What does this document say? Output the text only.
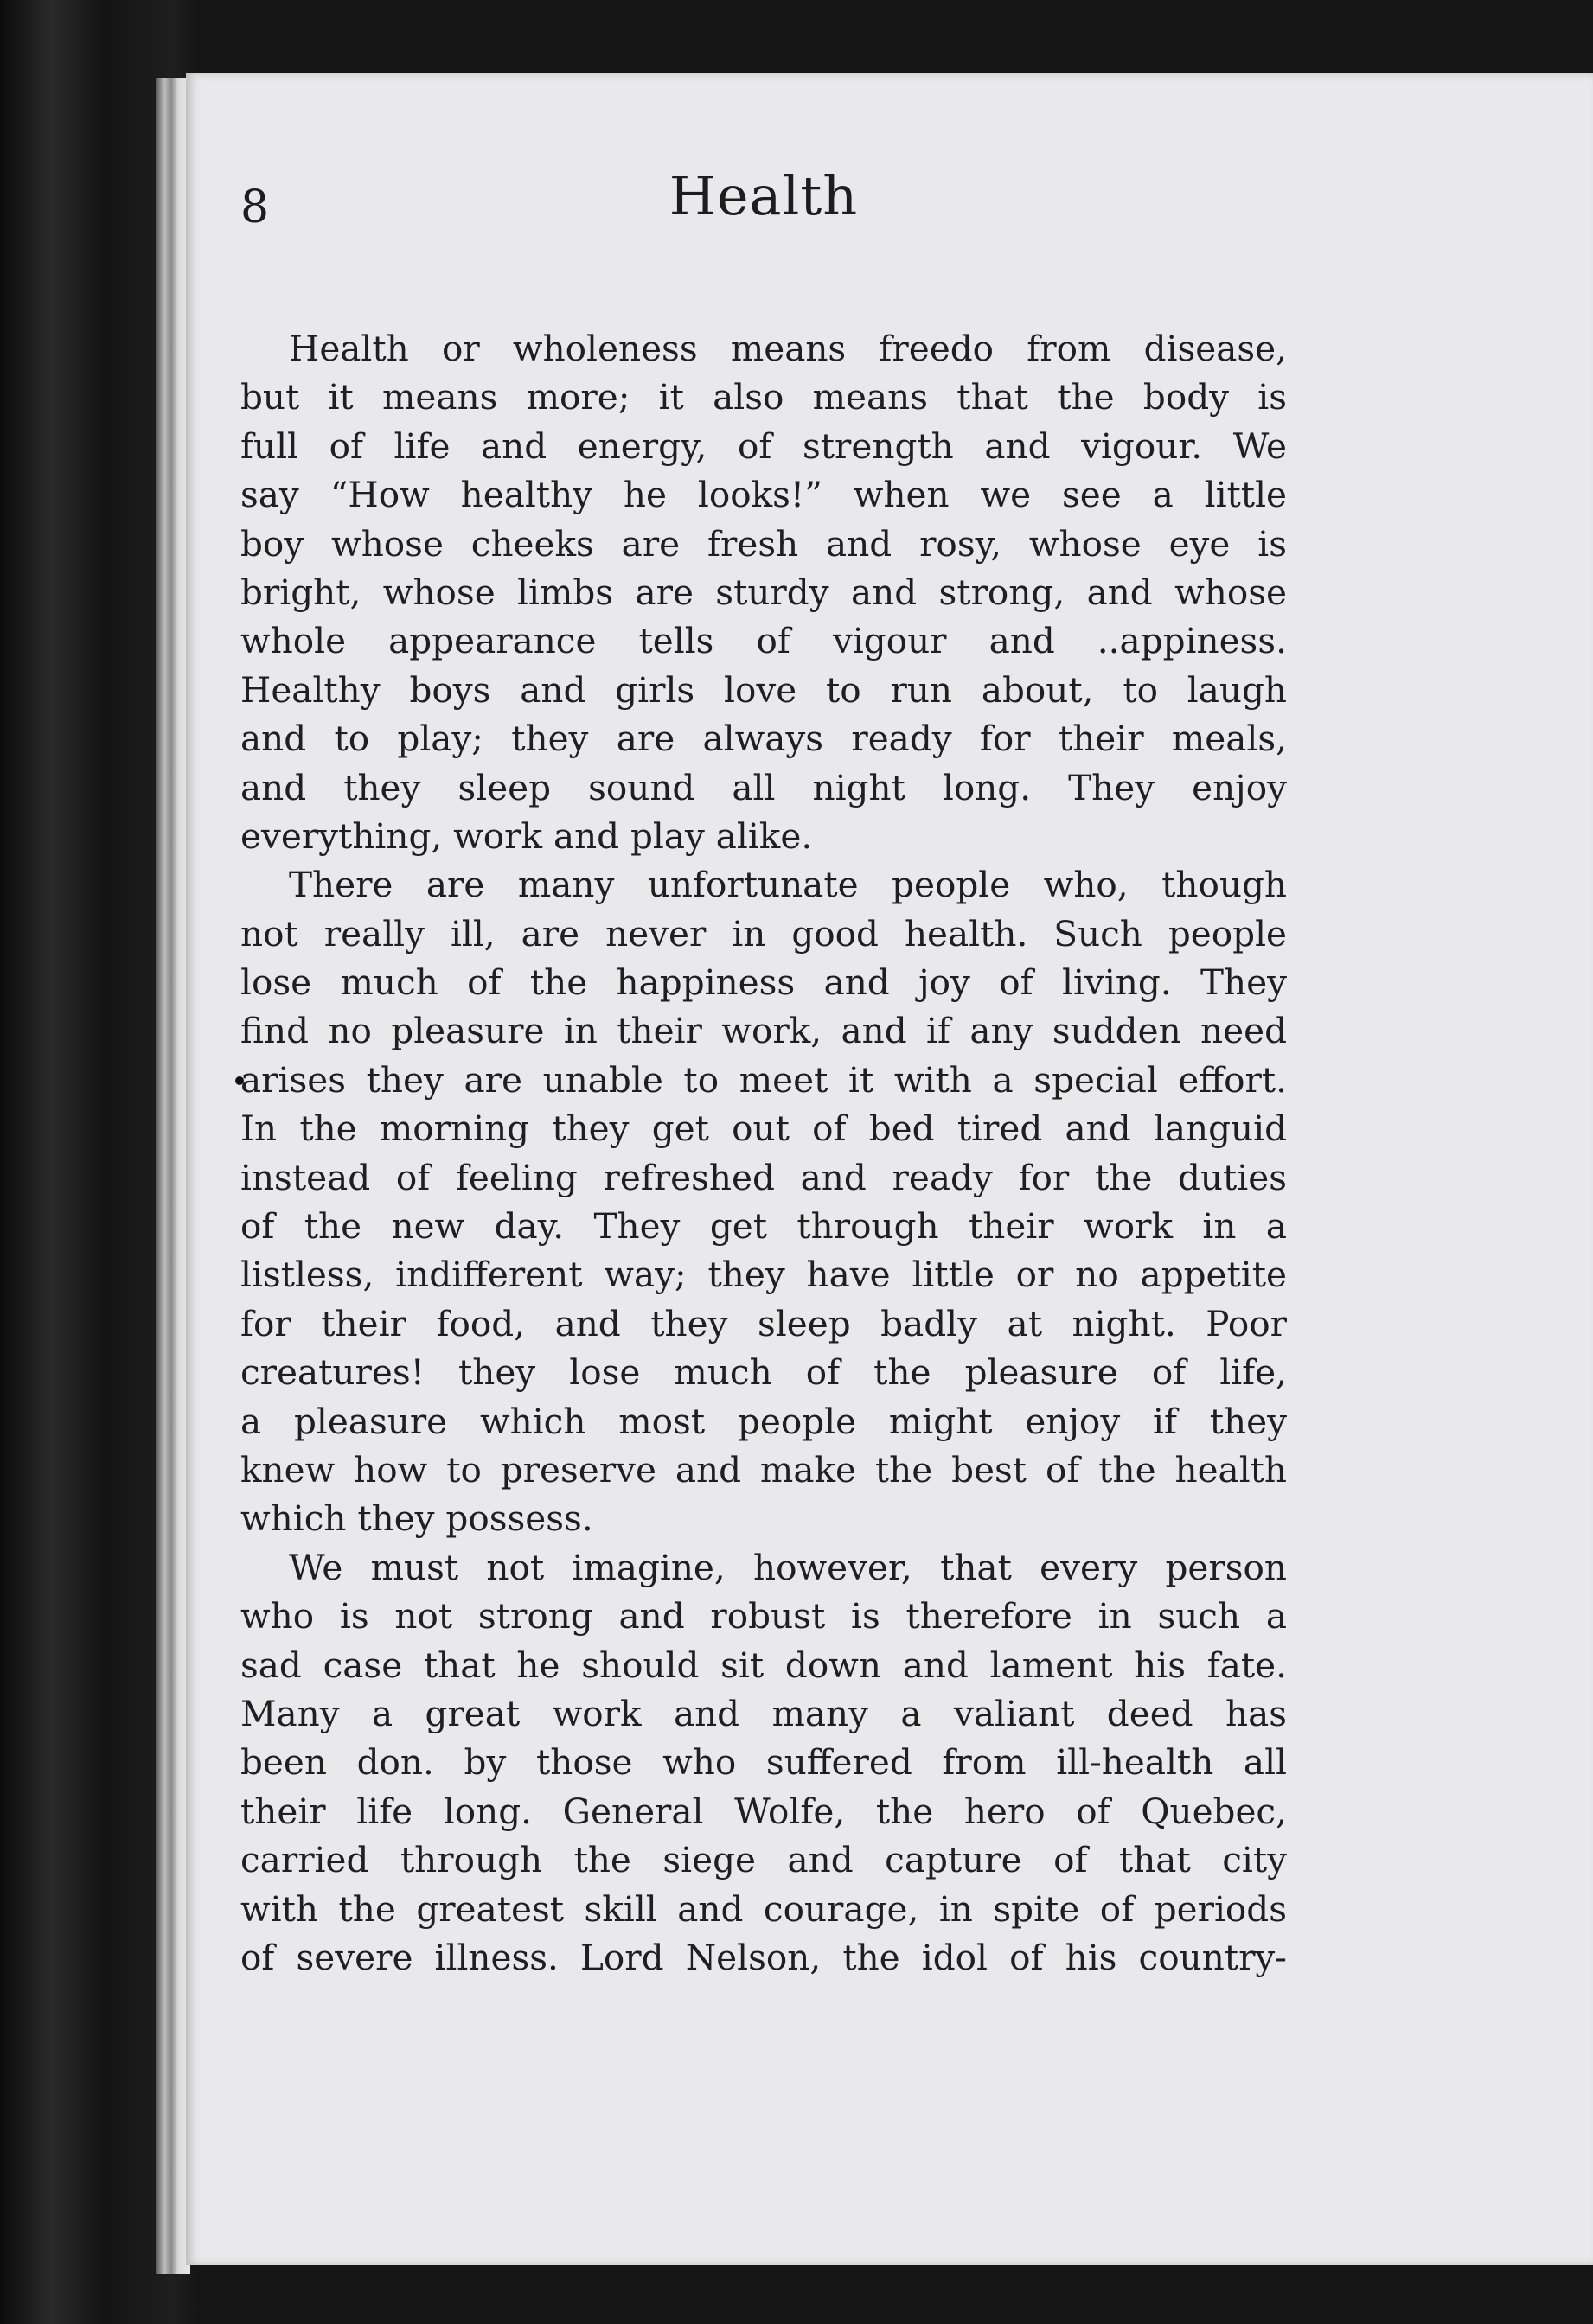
8	Health
Health or wholeness means freedo from disease,
but it means more; it also means that the body is
full of life and energy, of strength and vigour. We
say “How healthy he looks!” when we see a little
boy whose cheeks are fresh and rosy, whose eye is
bright, whose limbs are sturdy and strong, and whose
whole appearance tells of vigour and ..appiness.
Healthy boys and girls love to run about, to laugh
and to play; they are always ready for their meals,
and they sleep sound all night long. They enjoy
everything, work and play alike.
There are many unfortunate people who, though
not really ill, are never in good health. Such people
lose much of the happiness and joy of living. They
find no pleasure in their work, and if any sudden need
arises they are unable to meet it with a special effort.
In the morning they get out of bed tired and languid
instead of feeling refreshed and ready for the duties
of the new day. They get through their work in a
listless, indifferent way; they have little or no appetite
for their food, and they sleep badly at night. Poor
creatures! they lose much of the pleasure of life,
a pleasure which most people might enjoy if they
knew how to preserve and make the best of the health
which they possess.
We must not imagine, however, that every person
who is not strong and robust is therefore in such a
sad case that he should sit down and lament his fate.
Many a great work and many a valiant deed has
been don. by those who suffered from ill-health all
their life long. General Wolfe, the hero of Quebec,
carried through the siege and capture of that city
with the greatest skill and courage, in spite of periods
of severe illness. Lord Nelson, the idol of his country-
